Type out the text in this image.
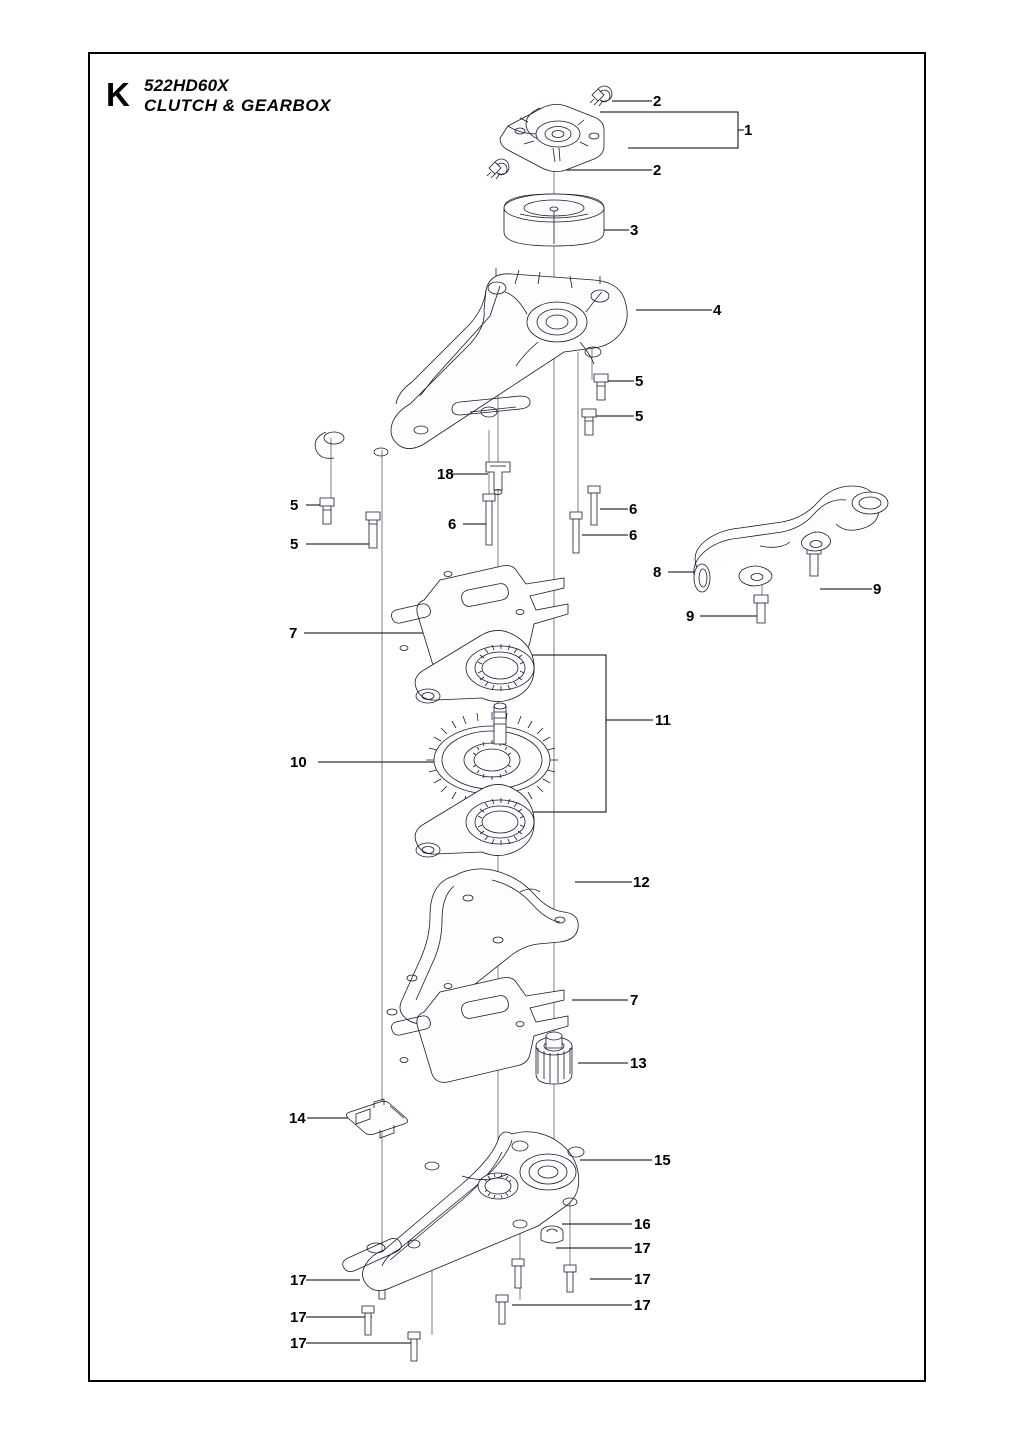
K 522HD60X
CLUTCH & GEARBOX
1
2
2
3
4
5
5
5
5
6
6
6
7
8
9
9
10
11
12
7
13
14
15
16
17
17
17
17
17
17
18
